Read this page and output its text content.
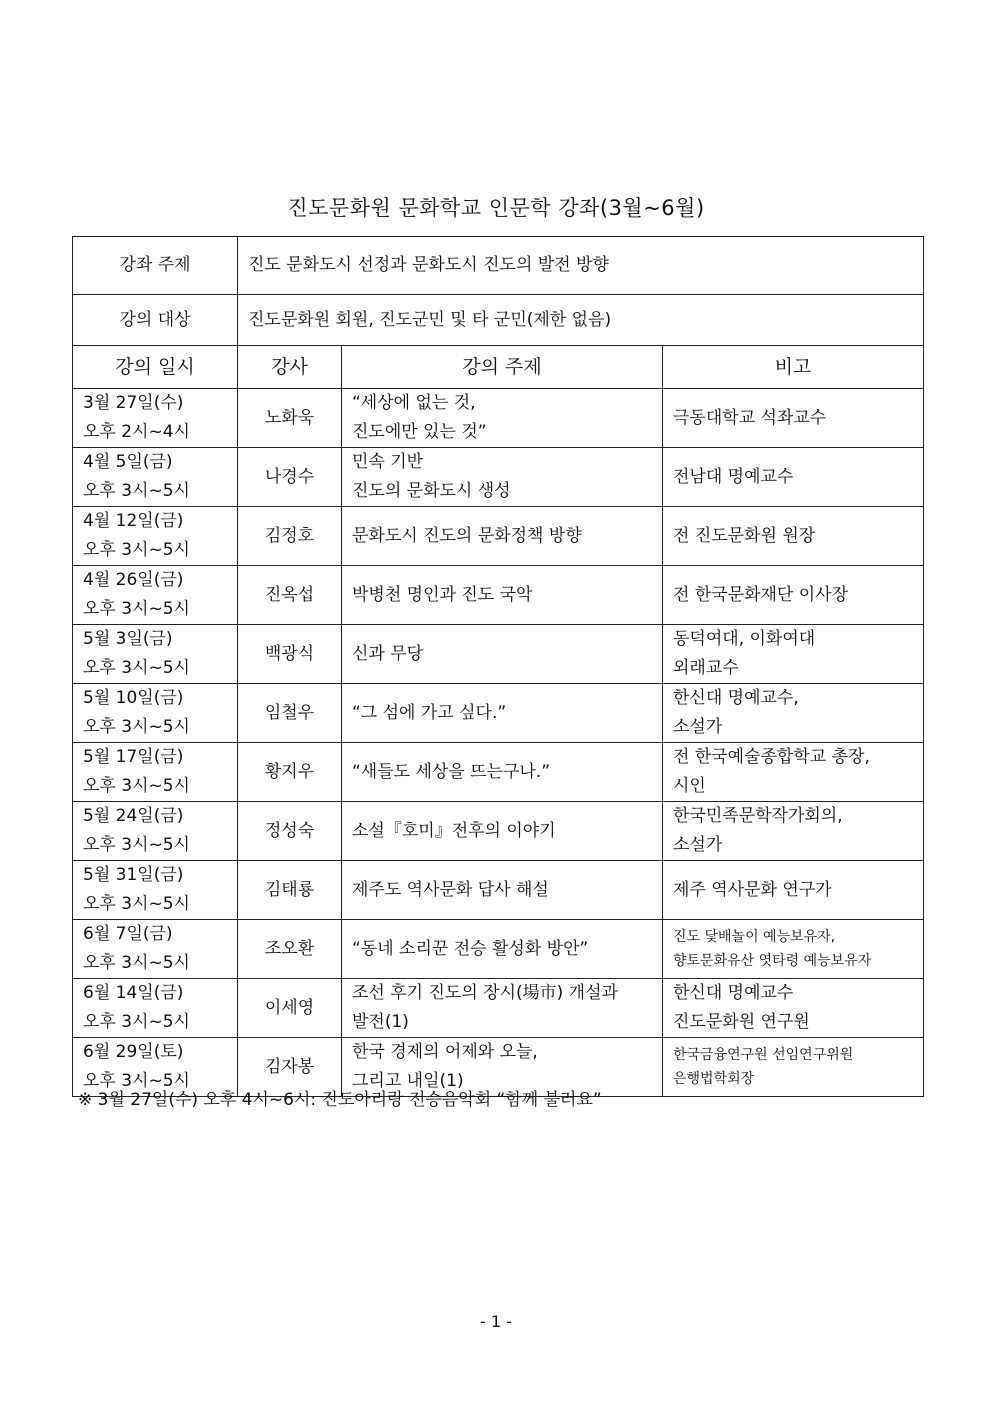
진도문화원 문화학교 인문학 강좌(3월~6월)
강좌 주제	진도 문화도시 선정과 문화도시 진도의 발전 방향		
강의 대상	진도문화원 회원, 진도군민 및 타 군민(제한 없음)		
강의 일시	강사	강의 주제	비고

3월 27일(수)
오후 2시~4시	노화욱	“세상에 없는 것,
진도에만 있는 것”	극동대학교 석좌교수

4월 5일(금)
오후 3시~5시	나경수	민속 기반
진도의 문화도시 생성	전남대 명예교수

4월 12일(금)
오후 3시~5시	김정호	문화도시 진도의 문화정책 방향	전 진도문화원 원장

4월 26일(금)
오후 3시~5시	진옥섭	박병천 명인과 진도 국악	전 한국문화재단 이사장

5월 3일(금)
오후 3시~5시	백광식	신과 무당	동덕여대, 이화여대
외래교수

5월 10일(금)
오후 3시~5시	임철우	“그 섬에 가고 싶다.”	한신대 명예교수,
소설가

5월 17일(금)
오후 3시~5시	황지우	“새들도 세상을 뜨는구나.”	전 한국예술종합학교 총장,
시인

5월 24일(금)
오후 3시~5시	정성숙	소설『호미』전후의 이야기	한국민족문학작가회의,
소설가

5월 31일(금)
오후 3시~5시	김태룡	제주도 역사문화 답사 해설	제주 역사문화 연구가

6월 7일(금)
오후 3시~5시	조오환	“동네 소리꾼 전승 활성화 방안”	진도 닻배놀이 예능보유자,
향토문화유산 엿타령 예능보유자

6월 14일(금)
오후 3시~5시	이세영	조선 후기 진도의 장시(場市) 개설과
발전(1)	한신대 명예교수
진도문화원 연구원

6월 29일(토)
오후 3시~5시	김자봉	한국 경제의 어제와 오늘,
그리고 내일(1)	한국금융연구원 선임연구위원
은행법학회장
※ 3월 27일(수) 오후 4시~6시: 진도아리랑 전승음악회 “함께 불러요”
- 1 -
